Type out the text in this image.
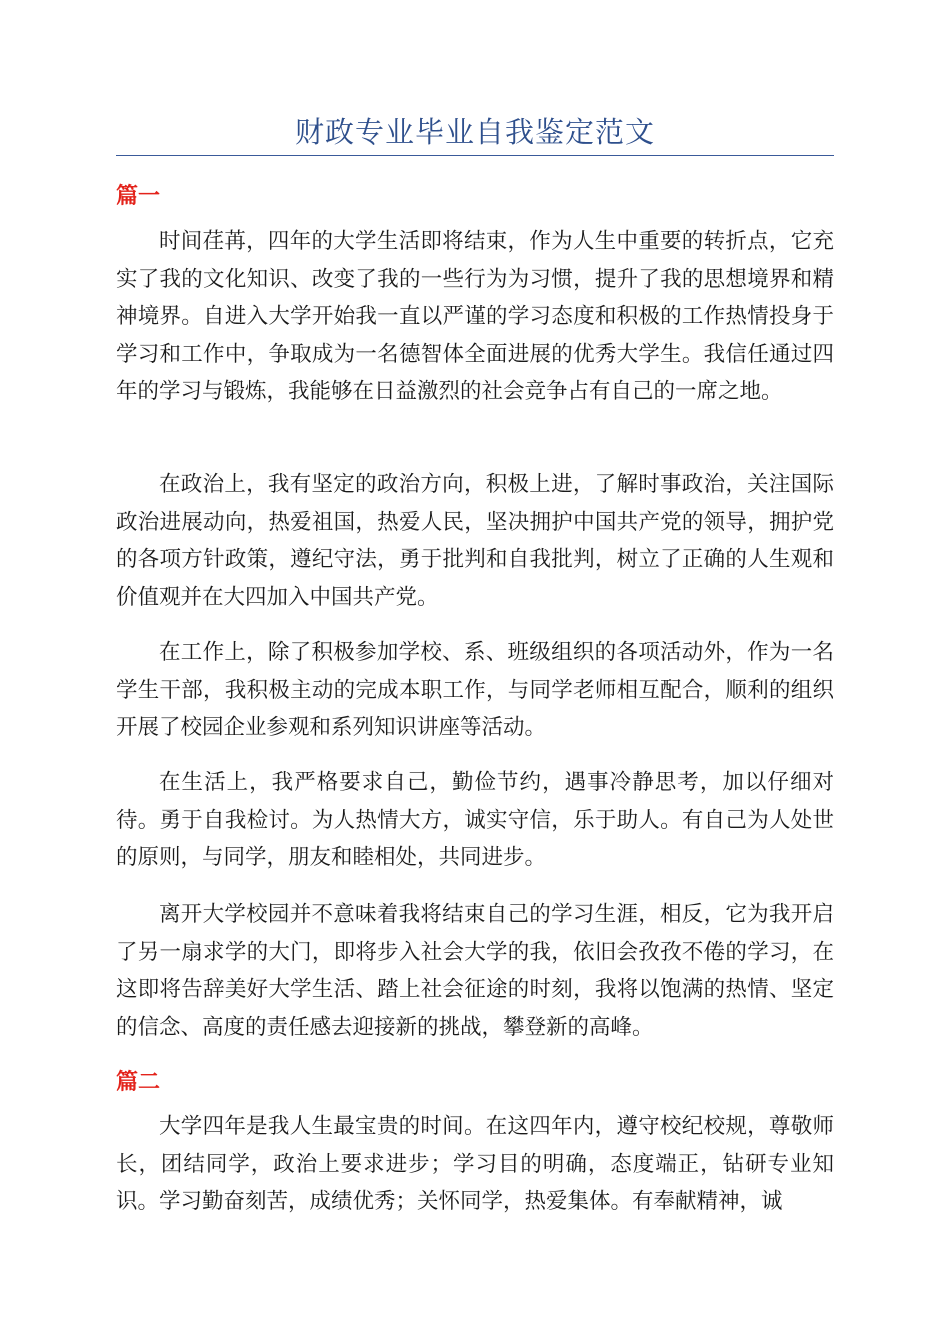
财政专业毕业自我鉴定范文
篇一

时间荏苒，四年的大学生活即将结束，作为人生中重要的转折点，它充实了我的文化知识、改变了我的一些行为为习惯，提升了我的思想境界和精神境界。自进入大学开始我一直以严谨的学习态度和积极的工作热情投身于学习和工作中，争取成为一名德智体全面进展的优秀大学生。我信任通过四年的学习与锻炼，我能够在日益激烈的社会竞争占有自己的一席之地。

在政治上，我有坚定的政治方向，积极上进，了解时事政治，关注国际政治进展动向，热爱祖国，热爱人民，坚决拥护中国共产党的领导，拥护党的各项方针政策，遵纪守法，勇于批判和自我批判，树立了正确的人生观和价值观并在大四加入中国共产党。

在工作上，除了积极参加学校、系、班级组织的各项活动外，作为一名学生干部，我积极主动的完成本职工作，与同学老师相互配合，顺利的组织开展了校园企业参观和系列知识讲座等活动。

在生活上，我严格要求自己，勤俭节约，遇事冷静思考，加以仔细对待。勇于自我检讨。为人热情大方，诚实守信，乐于助人。有自己为人处世的原则，与同学，朋友和睦相处，共同进步。

离开大学校园并不意味着我将结束自己的学习生涯，相反，它为我开启了另一扇求学的大门，即将步入社会大学的我，依旧会孜孜不倦的学习，在这即将告辞美好大学生活、踏上社会征途的时刻，我将以饱满的热情、坚定的信念、高度的责任感去迎接新的挑战，攀登新的高峰。

篇二

大学四年是我人生最宝贵的时间。在这四年内，遵守校纪校规，尊敬师长，团结同学，政治上要求进步；学习目的明确，态度端正，钻研专业知识。学习勤奋刻苦，成绩优秀；关怀同学，热爱集体。有奉献精神，诚
